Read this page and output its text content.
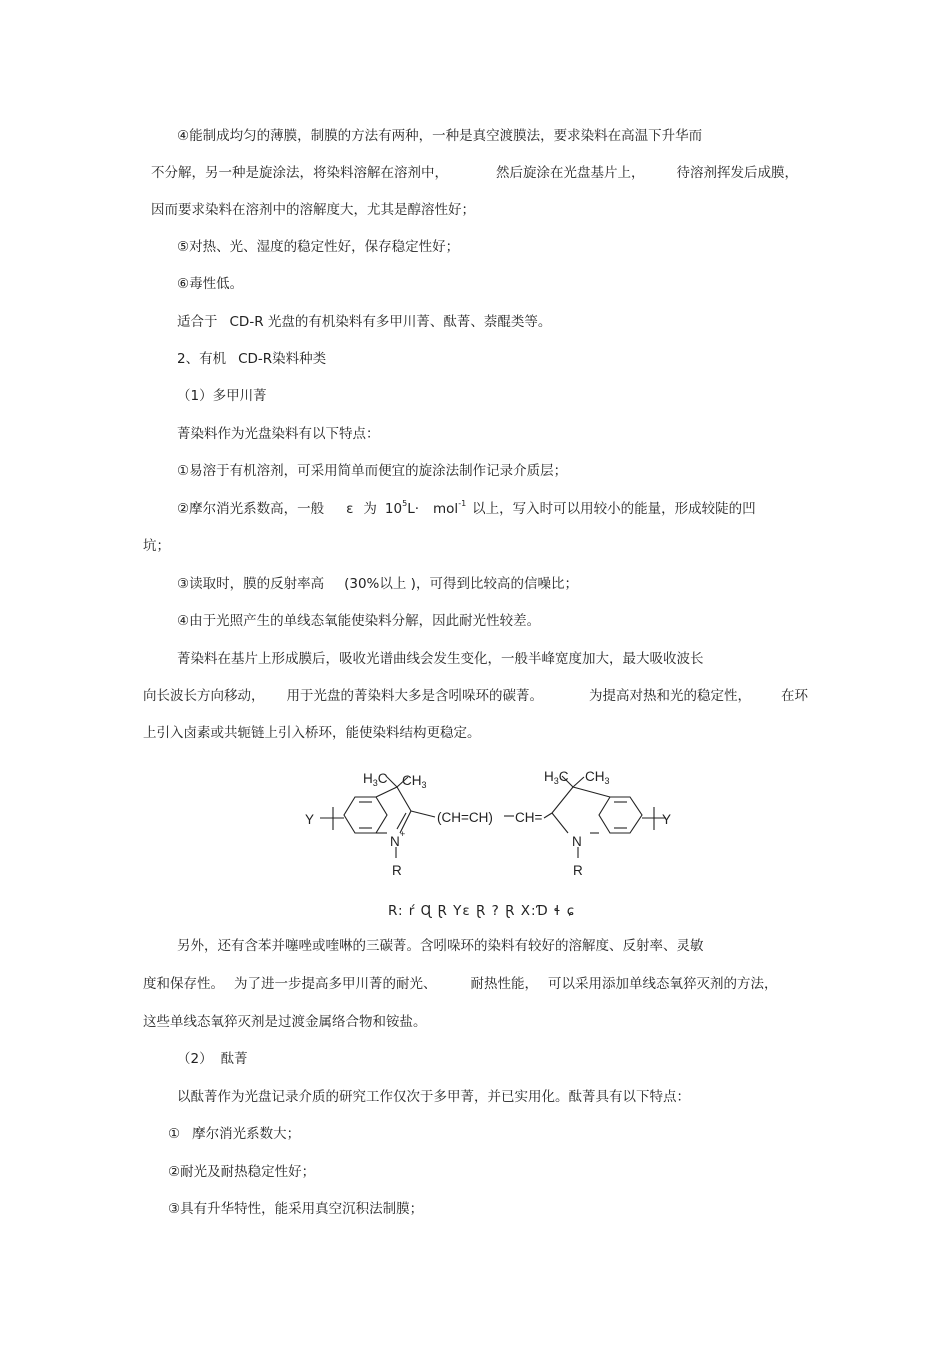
④能制成均匀的薄膜，制膜的方法有两种，一种是真空渡膜法，要求染料在高温下升华而
不分解，另一种是旋涂法，将染料溶解在溶剂中，	然后旋涂在光盘基片上， 待溶剂挥发后成膜，
因而要求染料在溶剂中的溶解度大，尤其是醇溶性好；
⑤对热、光、湿度的稳定性好，保存稳定性好；
⑥毒性低。
适合于 CD-R 光盘的有机染料有多甲川菁、酞菁、萘醌类等。
2、有机 CD-R染料种类
（1）多甲川菁
菁染料作为光盘染料有以下特点：
①易溶于有机溶剂，可采用简单而便宜的旋涂法制作记录介质层；
②摩尔消光系数高，一般 ε 为 $10^5L\cdot mol^{-1}$ 以上，写入时可以用较小的能量，形成较陡的凹
坑；
③读取时，膜的反射率高 (30%以上 )，可得到比较高的信噪比；
④由于光照产生的单线态氧能使染料分解，因此耐光性较差。
菁染料在基片上形成膜后，吸收光谱曲线会发生变化，一般半峰宽度加大，最大吸收波长
向长波长方向移动， 用于光盘的菁染料大多是含吲哚环的碳菁。	为提高对热和光的稳定性， 在环
上引入卤素或共轭链上引入桥环，能使染料结构更稳定。
$H_3C$ $CH_3$
$H_3C$ $CH_3$
Y	Y
N +	N
R	R
(CH=CH) CH=
R: ŕ Ɋ Ɽ Yɛ Ɽ ? Ɽ X:Ɗ ɬ ɕ
另外，还有含苯并噻唑或喹啉的三碳菁。含吲哚环的染料有较好的溶解度、反射率、灵敏
度和保存性。 为了进一步提高多甲川菁的耐光、	耐热性能， 可以采用添加单线态氧猝灭剂的方法，
这些单线态氧猝灭剂是过渡金属络合物和铵盐。
（2） 酞菁
以酞菁作为光盘记录介质的研究工作仅次于多甲菁，并已实用化。酞菁具有以下特点：
① 摩尔消光系数大；
②耐光及耐热稳定性好；
③具有升华特性，能采用真空沉积法制膜；
